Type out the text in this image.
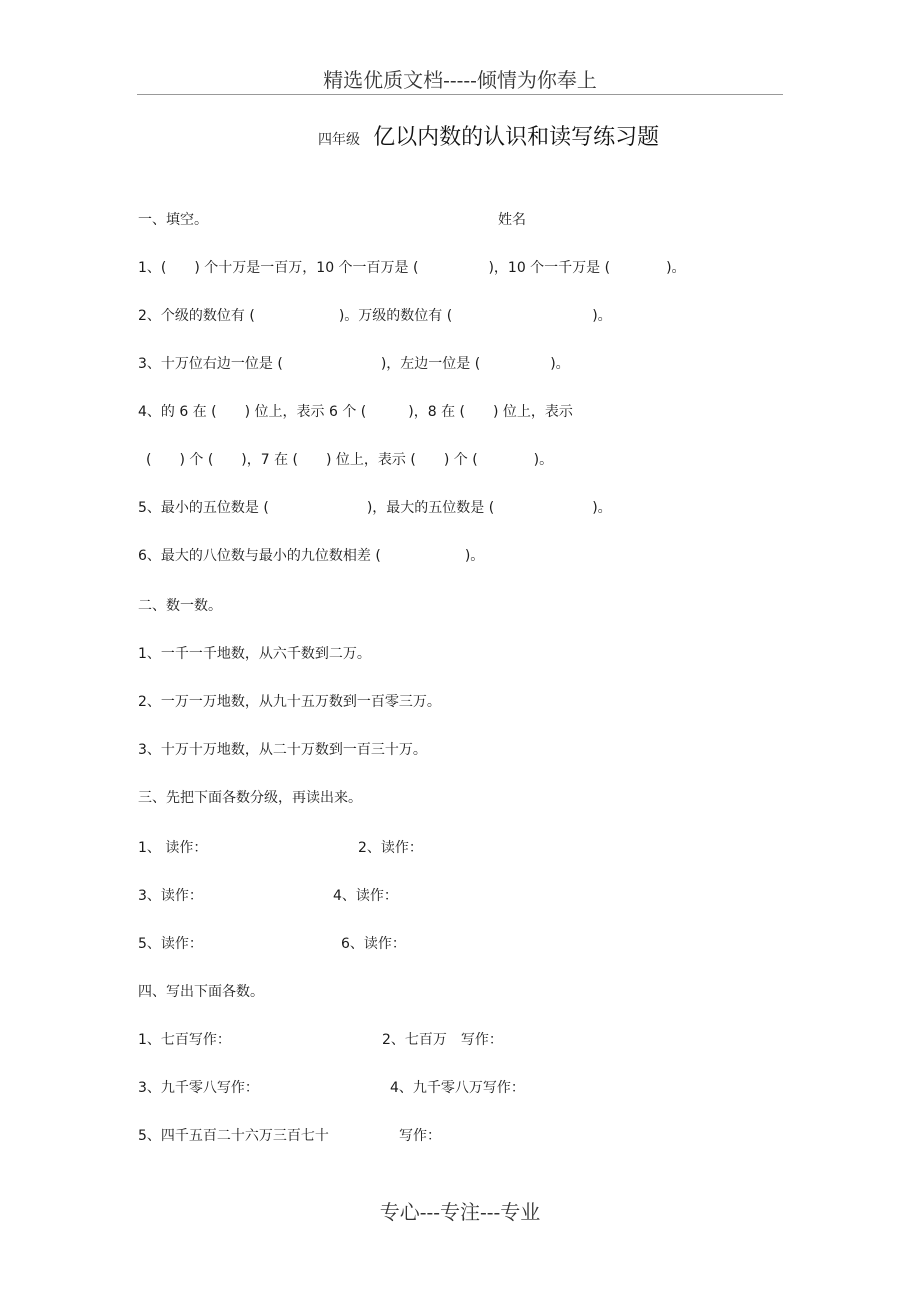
精选优质文档-----倾情为你奉上
四年级 亿以内数的认识和读写练习题
一、填空。	姓名
1、(　　) 个十万是一百万，10 个一百万是 (　　　　　)，10 个一千万是 (　　　　)。
2、个级的数位有 (　　　　　　)。万级的数位有 (　　　　　　　　　　)。
3、十万位右边一位是 (　　　　　　　)，左边一位是 (　　　　　)。
4、的 6 在 (　　) 位上，表示 6 个 (　　　)，8 在 (　　) 位上，表示
(　　) 个 (　　)，7 在 (　　) 位上，表示 (　　) 个 (　　　　)。
5、最小的五位数是 (　　　　　　　)，最大的五位数是 (　　　　　　　)。
6、最大的八位数与最小的九位数相差 (　　　　　　)。
二、数一数。
1、一千一千地数，从六千数到二万。
2、一万一万地数，从九十五万数到一百零三万。
3、十万十万地数，从二十万数到一百三十万。
三、先把下面各数分级，再读出来。
1、 读作：	2、读作：
3、读作：	4、读作：
5、读作：	6、读作：
四、写出下面各数。
1、七百写作：	2、七百万　写作：
3、九千零八写作：	4、九千零八万写作：
5、四千五百二十六万三百七十	写作：
专心---专注---专业
